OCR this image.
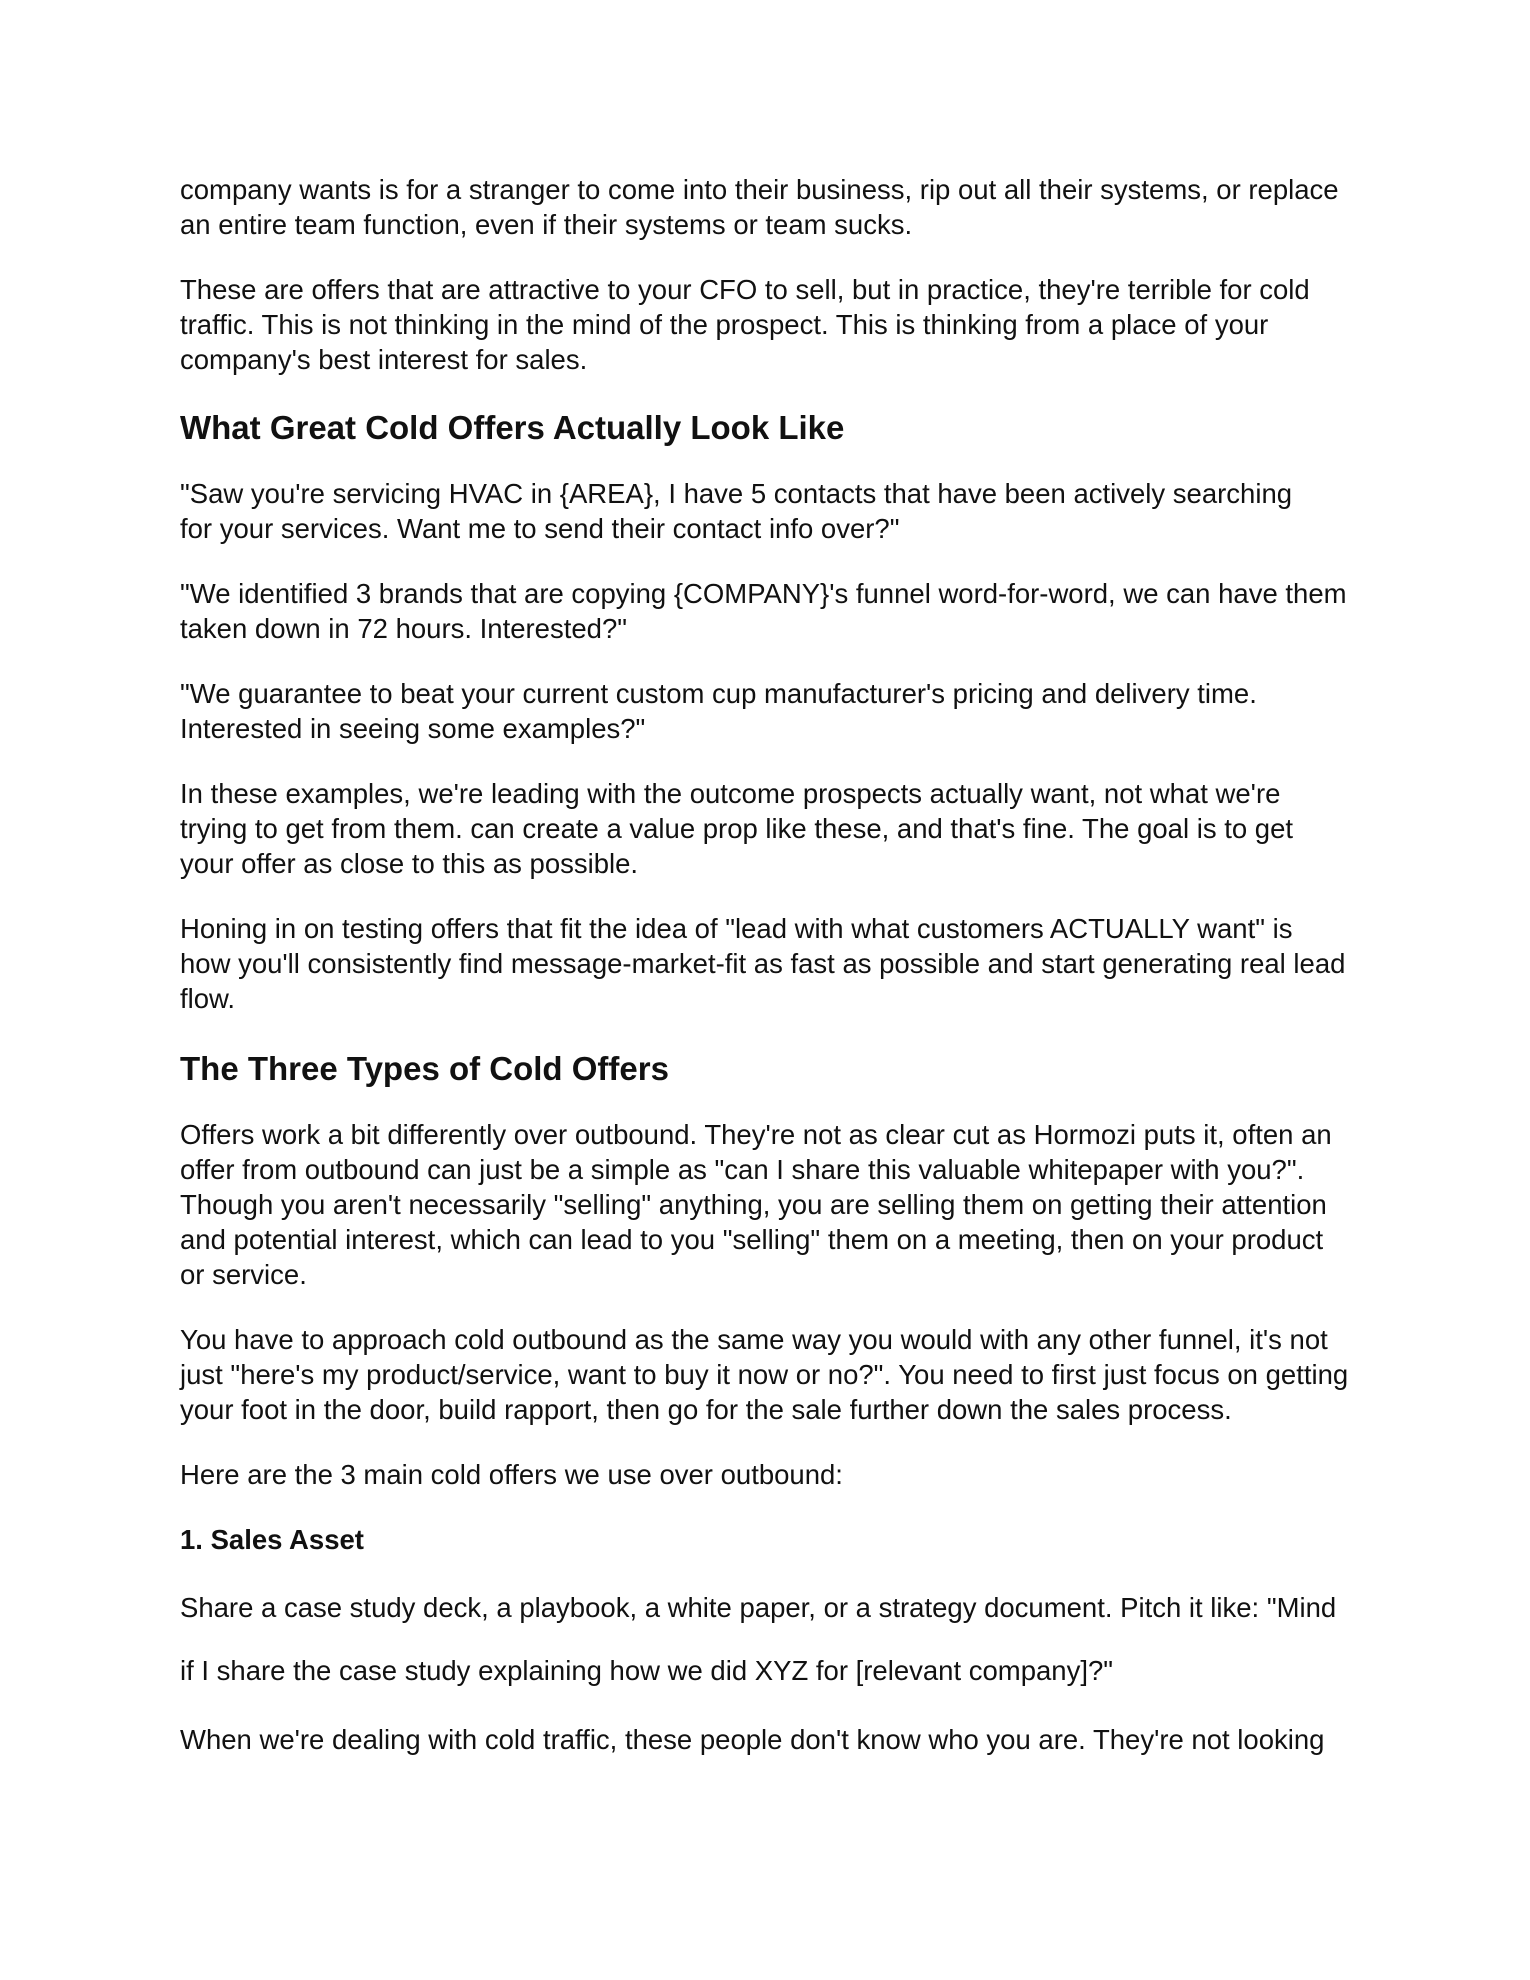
company wants is for a stranger to come into their business, rip out all their systems, or replace
an entire team function, even if their systems or team sucks.

These are offers that are attractive to your CFO to sell, but in practice, they're terrible for cold
traffic. This is not thinking in the mind of the prospect. This is thinking from a place of your
company's best interest for sales.

What Great Cold Offers Actually Look Like

"Saw you're servicing HVAC in {AREA}, I have 5 contacts that have been actively searching
for your services. Want me to send their contact info over?"

"We identified 3 brands that are copying {COMPANY}'s funnel word-for-word, we can have them
taken down in 72 hours. Interested?"

"We guarantee to beat your current custom cup manufacturer's pricing and delivery time.
Interested in seeing some examples?"

In these examples, we're leading with the outcome prospects actually want, not what we're
trying to get from them. can create a value prop like these, and that's fine. The goal is to get
your offer as close to this as possible.

Honing in on testing offers that fit the idea of "lead with what customers ACTUALLY want" is
how you'll consistently find message-market-fit as fast as possible and start generating real lead
flow.

The Three Types of Cold Offers

Offers work a bit differently over outbound. They're not as clear cut as Hormozi puts it, often an
offer from outbound can just be a simple as "can I share this valuable whitepaper with you?".
Though you aren't necessarily "selling" anything, you are selling them on getting their attention
and potential interest, which can lead to you "selling" them on a meeting, then on your product
or service.

You have to approach cold outbound as the same way you would with any other funnel, it's not
just "here's my product/service, want to buy it now or no?". You need to first just focus on getting
your foot in the door, build rapport, then go for the sale further down the sales process.

Here are the 3 main cold offers we use over outbound:

1. Sales Asset

Share a case study deck, a playbook, a white paper, or a strategy document. Pitch it like: "Mind

if I share the case study explaining how we did XYZ for [relevant company]?"

When we're dealing with cold traffic, these people don't know who you are. They're not looking
